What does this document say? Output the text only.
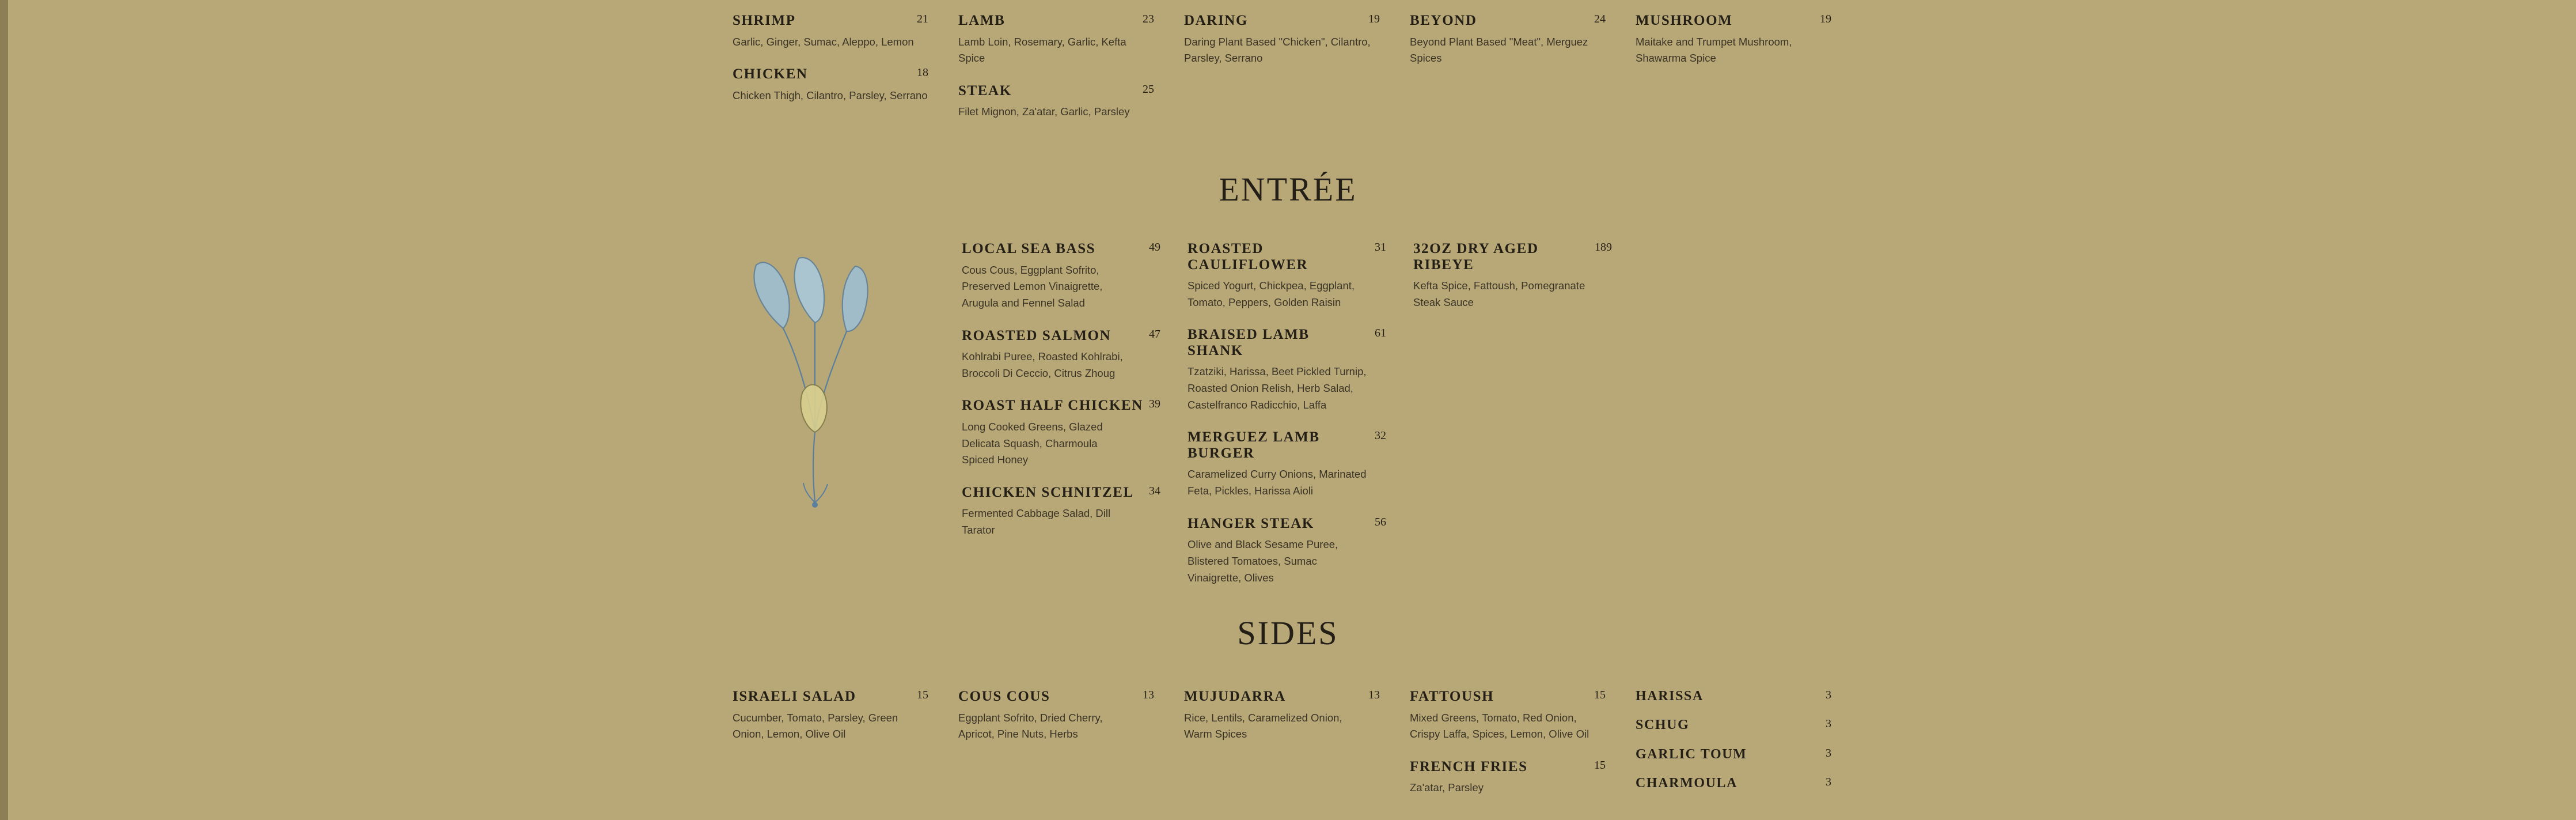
SHRIMP	21
Garlic, Ginger, Sumac, Aleppo, Lemon
CHICKEN	18
Chicken Thigh, Cilantro, Parsley, Serrano
LAMB	23
Lamb Loin, Rosemary, Garlic, Kefta Spice
STEAK	25
Filet Mignon, Za'atar, Garlic, Parsley
DARING	19
Daring Plant Based "Chicken", Cilantro, Parsley, Serrano
BEYOND	24
Beyond Plant Based "Meat", Merguez Spices
MUSHROOM	19
Maitake and Trumpet Mushroom, Shawarma Spice
ENTRÉE
LOCAL SEA BASS	49
Cous Cous, Eggplant Sofrito, Preserved Lemon Vinaigrette, Arugula and Fennel Salad
ROASTED SALMON	47
Kohlrabi Puree, Roasted Kohlrabi, Broccoli Di Ceccio, Citrus Zhoug
ROAST HALF CHICKEN 39
Long Cooked Greens, Glazed Delicata Squash, Charmoula Spiced Honey
CHICKEN SCHNITZEL 34
Fermented Cabbage Salad, Dill Tarator
ROASTED CAULIFLOWER
31
Spiced Yogurt, Chickpea, Eggplant, Tomato, Peppers, Golden Raisin
BRAISED LAMB SHANK
61
Tzatziki, Harissa, Beet Pickled Turnip, Roasted Onion Relish, Herb Salad, Castelfranco Radicchio, Laffa
MERGUEZ LAMB BURGER
32
Caramelized Curry Onions, Marinated Feta, Pickles, Harissa Aioli
HANGER STEAK	56
Olive and Black Sesame Puree, Blistered Tomatoes, Sumac Vinaigrette, Olives
32OZ DRY AGED RIBEYE
189
Kefta Spice, Fattoush, Pomegranate Steak Sauce
SIDES
ISRAELI SALAD	15
Cucumber, Tomato, Parsley, Green Onion, Lemon, Olive Oil
COUS COUS	13
Eggplant Sofrito, Dried Cherry, Apricot, Pine Nuts, Herbs
MUJUDARRA	13
Rice, Lentils, Caramelized Onion, Warm Spices
FATTOUSH	15
Mixed Greens, Tomato, Red Onion, Crispy Laffa, Spices, Lemon, Olive Oil
FRENCH FRIES	15
Za'atar, Parsley
HARISSA	3
SCHUG	3
GARLIC TOUM	3
CHARMOULA	3
